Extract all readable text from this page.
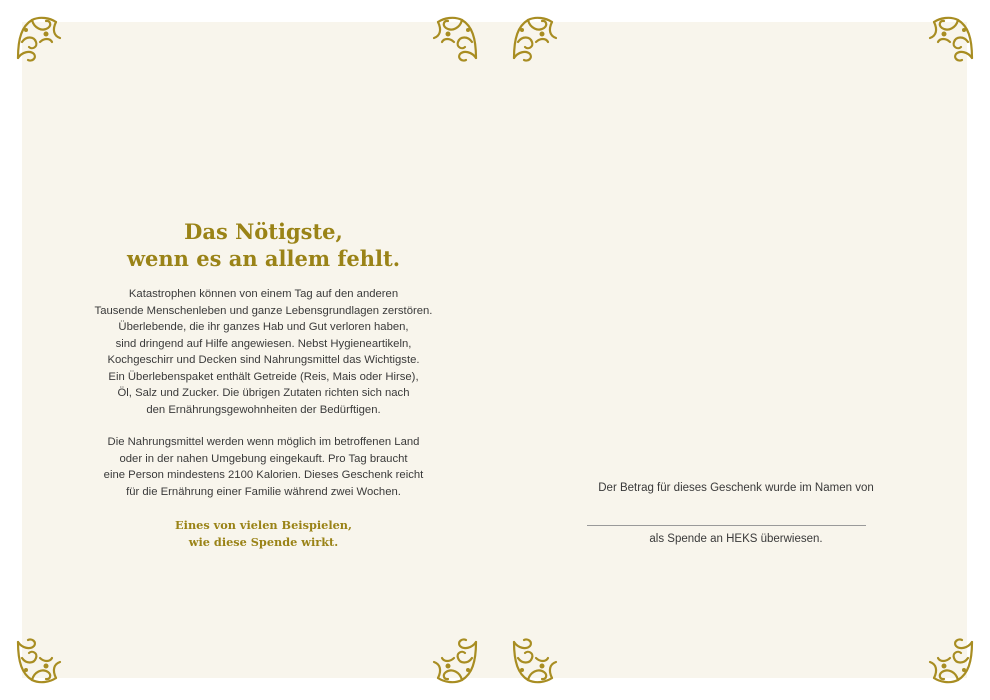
Das Nötigste,
wenn es an allem fehlt.
Katastrophen können von einem Tag auf den anderen
Tausende Menschenleben und ganze Lebensgrundlagen zerstören.
Überlebende, die ihr ganzes Hab und Gut verloren haben,
sind dringend auf Hilfe angewiesen. Nebst Hygieneartikeln,
Kochgeschirr und Decken sind Nahrungsmittel das Wichtigste.
Ein Überlebenspaket enthält Getreide (Reis, Mais oder Hirse),
Öl, Salz und Zucker. Die übrigen Zutaten richten sich nach
den Ernährungsgewohnheiten der Bedürftigen.
Die Nahrungsmittel werden wenn möglich im betroffenen Land
oder in der nahen Umgebung eingekauft. Pro Tag braucht
eine Person mindestens 2100 Kalorien. Dieses Geschenk reicht
für die Ernährung einer Familie während zwei Wochen.
Eines von vielen Beispielen,
wie diese Spende wirkt.
Der Betrag für dieses Geschenk wurde im Namen von
als Spende an HEKS überwiesen.
